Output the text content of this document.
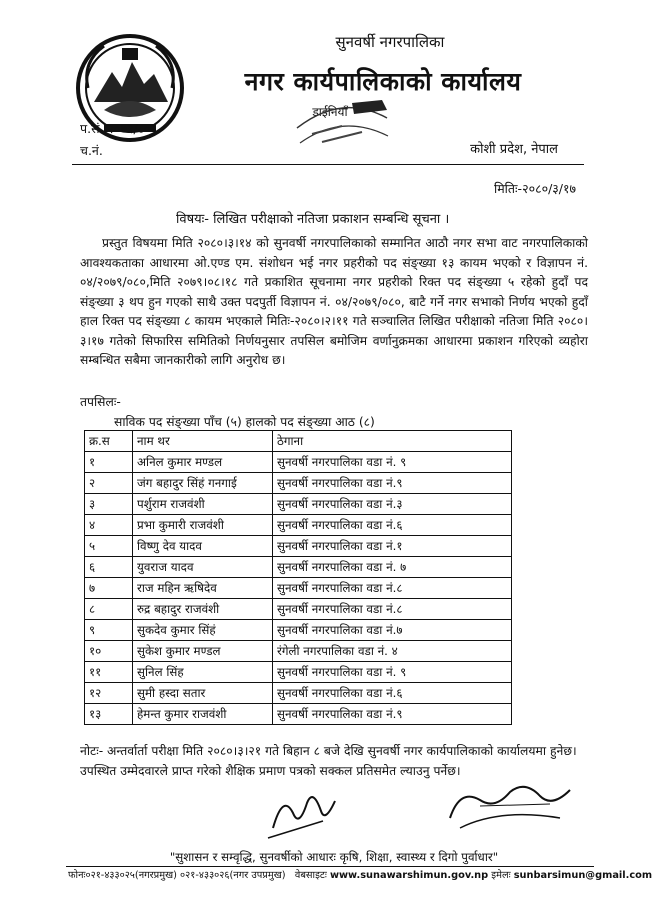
सुनवर्षी नगरपालिका
नगर कार्यपालिकाको कार्यालय
डाईनियाँ
प.सं. २०७९/८०
च.नं.	कोशी प्रदेश, नेपाल
मितिः-२०८०/३/१७
विषयः- लिखित परीक्षाको नतिजा प्रकाशन सम्बन्धि सूचना ।
प्रस्तुत विषयमा मिति २०८०।३।१४ को सुनवर्षी नगरपालिकाको सम्मानित आठौ नगर सभा वाट नगरपालिकाको आवश्यकताका आधारमा ओ.एण्ड एम. संशोधन भई नगर प्रहरीको पद संङ्ख्या १३ कायम भएको र विज्ञापन नं. ०४/२०७९/०८०,मिति २०७९।०८।१८ गते प्रकाशित सूचनामा नगर प्रहरीको रिक्त पद संङ्ख्या ५ रहेको हुदाँ पद संङ्ख्या ३ थप हुन गएको साथै उक्त पदपुर्ती विज्ञापन नं. ०४/२०७९/०८०, बाटै गर्ने नगर सभाको निर्णय भएको हुदाँ हाल रिक्त पद संङ्ख्या ८ कायम भएकाले मितिः-२०८०।२।११ गते सञ्चालित लिखित परीक्षाको नतिजा मिति २०८०।३।१७ गतेको सिफारिस समितिको निर्णयनुसार तपसिल बमोजिम वर्णानुक्रमका आधारमा प्रकाशन गरिएको व्यहोरा सम्बन्धित सबैमा जानकारीको लागि अनुरोध छ।
तपसिलः-
साविक पद संङ्ख्या पाँच (५) हालको पद संङ्ख्या आठ (८)
क्र.स	नाम थर	ठेगाना
१	अनिल कुमार मण्डल	सुनवर्षी नगरपालिका वडा नं. ९
२	जंग बहादुर सिंहं गनगाई	सुनवर्षी नगरपालिका वडा नं.९
३	पर्शुराम राजवंशी	सुनवर्षी नगरपालिका वडा नं.३
४	प्रभा कुमारी राजवंशी	सुनवर्षी नगरपालिका वडा नं.६
५	विष्णु देव यादव	सुनवर्षी नगरपालिका वडा नं.१
६	युवराज यादव	सुनवर्षी नगरपालिका वडा नं. ७
७	राज महिन ऋषिदेव	सुनवर्षी नगरपालिका वडा नं.८
८	रुद्र बहादुर राजवंशी	सुनवर्षी नगरपालिका वडा नं.८
९	सुकदेव कुमार सिंहं	सुनवर्षी नगरपालिका वडा नं.७
१०	सुकेश कुमार मण्डल	रंगेली नगरपालिका वडा नं. ४
११	सुनिल सिंह	सुनवर्षी नगरपालिका वडा नं. ९
१२	सुमी हस्दा सतार	सुनवर्षी नगरपालिका वडा नं.६
१३	हेमन्त कुमार राजवंशी	सुनवर्षी नगरपालिका वडा नं.९
नोटः- अन्तर्वार्ता परीक्षा मिति २०८०।३।२१ गते बिहान ८ बजे देखि सुनवर्षी नगर कार्यपालिकाको कार्यालयमा हुनेछ। उपस्थित उम्मेदवारले प्राप्त गरेको शैक्षिक प्रमाण पत्रको सक्कल प्रतिसमेत ल्याउनु पर्नेछ।
"सुशासन र सम्वृद्धि, सुनवर्षीको आधारः कृषि, शिक्षा, स्वास्थ्य र दिगो पुर्वाधार"
फोनः०२१-४३३०२५(नगरप्रमुख) ०२१-४३३०२६(नगर उपप्रमुख) वेबसाइटः www.sunawarshimun.gov.np इमेलः sunbarsimun@gmail.com
